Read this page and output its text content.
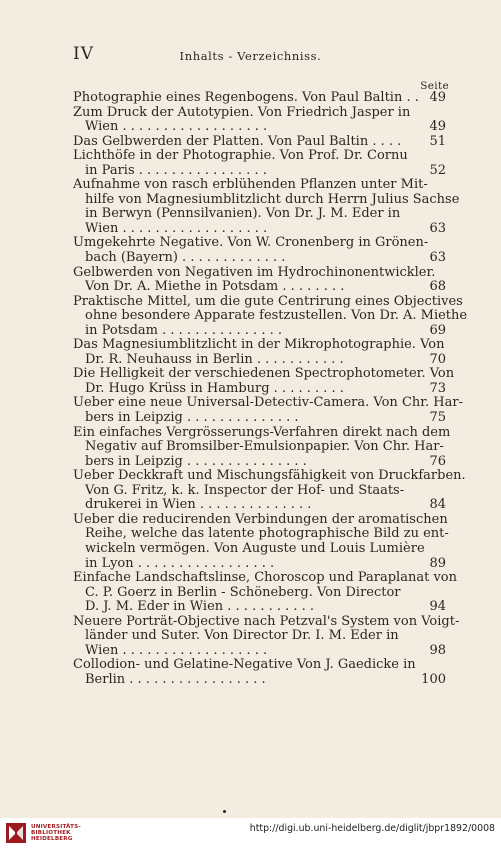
IV	Inhalts - Verzeichniss.
Seite
Photographie eines Regenbogens. Von Paul Baltin . . 49
Zum Druck der Autotypien. Von Friedrich Jasper in
Wien . . . . . . . . . . . . . . . . . .	49
Das Gelbwerden der Platten. Von Paul Baltin . . . .	51
Lichthöfe in der Photographie. Von Prof. Dr. Cornu
in Paris . . . . . . . . . . . . . . . .	52
Aufnahme von rasch erblühenden Pflanzen unter Mit-
hilfe von Magnesiumblitzlicht durch Herrn Julius Sachse
in Berwyn (Pennsilvanien). Von Dr. J. M. Eder in
Wien . . . . . . . . . . . . . . . . . .	63
Umgekehrte Negative. Von W. Cronenberg in Grönen-
bach (Bayern) . . . . . . . . . . . . .	63
Gelbwerden von Negativen im Hydrochinonentwickler.
Von Dr. A. Miethe in Potsdam . . . . . . . .	68
Praktische Mittel, um die gute Centrirung eines Objectives
ohne besondere Apparate festzustellen. Von Dr. A. Miethe
in Potsdam . . . . . . . . . . . . . . .	69
Das Magnesiumblitzlicht in der Mikrophotographie. Von
Dr. R. Neuhauss in Berlin . . . . . . . . . . .	70
Die Helligkeit der verschiedenen Spectrophotometer. Von
Dr. Hugo Krüss in Hamburg . . . . . . . . .	73
Ueber eine neue Universal-Detectiv-Camera. Von Chr. Har-
bers in Leipzig . . . . . . . . . . . . . .	75
Ein einfaches Vergrösserungs-Verfahren direkt nach dem
Negativ auf Bromsilber-Emulsionpapier. Von Chr. Har-
bers in Leipzig . . . . . . . . . . . . . . .	76
Ueber Deckkraft und Mischungsfähigkeit von Druckfarben.
Von G. Fritz, k. k. Inspector der Hof- und Staats-
drukerei in Wien . . . . . . . . . . . . . .	84
Ueber die reducirenden Verbindungen der aromatischen
Reihe, welche das latente photographische Bild zu ent-
wickeln vermögen. Von Auguste und Louis Lumière
in Lyon . . . . . . . . . . . . . . . . .	89
Einfache Landschaftslinse, Choroscop und Paraplanat von
C. P. Goerz in Berlin - Schöneberg. Von Director
D. J. M. Eder in Wien . . . . . . . . . . .	94
Neuere Porträt-Objective nach Petzval's System von Voigt-
länder und Suter. Von Director Dr. I. M. Eder in
Wien . . . . . . . . . . . . . . . . . .	98
Collodion- und Gelatine-Negative Von J. Gaedicke in
Berlin . . . . . . . . . . . . . . . . .	100
UNIVERSITÄTS-
BIBLIOTHEK
HEIDELBERG
http://digi.ub.uni-heidelberg.de/diglit/jbpr1892/0008
